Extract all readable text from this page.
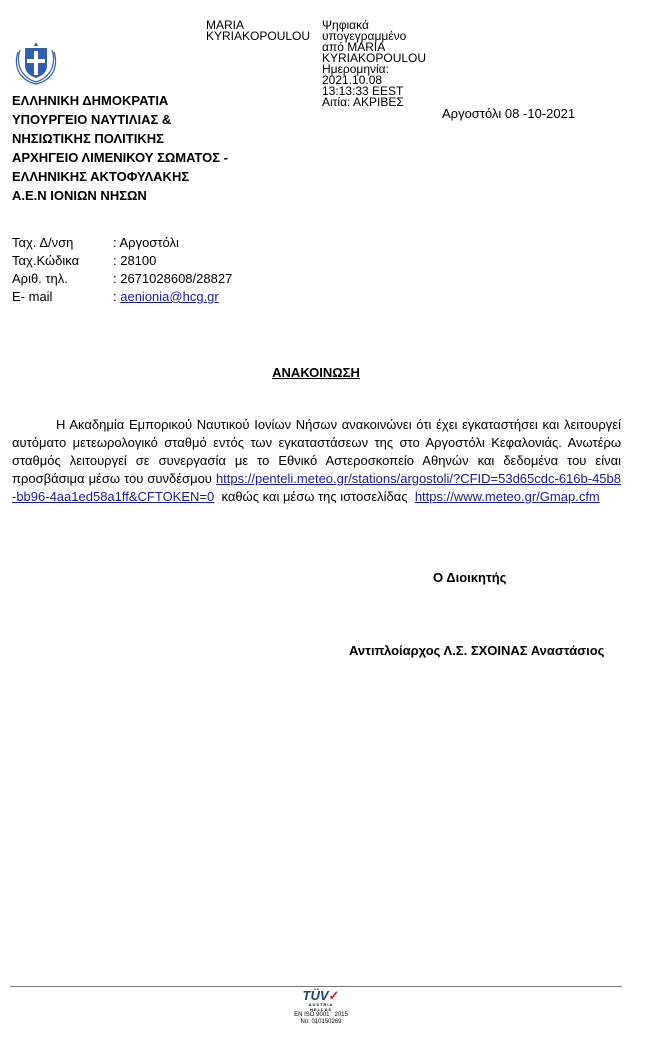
MARIA
KYRIAKOPOULOU
Ψηφιακά
υπογεγραμμένο
από MARIA
KYRIAKOPOULOU
Ημερομηνία:
2021.10.08
13:13:33 EEST
Αιτία: ΑΚΡΙΒΕΣ
Αργοστόλι 08 -10-2021
ΕΛΛΗΝΙΚΗ ΔΗΜΟΚΡΑΤΙΑ
ΥΠΟΥΡΓΕΙΟ ΝΑΥΤΙΛΙΑΣ &
ΝΗΣΙΩΤΙΚΗΣ ΠΟΛΙΤΙΚΗΣ
ΑΡΧΗΓΕΙΟ ΛΙΜΕΝΙΚΟΥ ΣΩΜΑΤΟΣ -
ΕΛΛΗΝΙΚΗΣ ΑΚΤΟΦΥΛΑΚΗΣ
Α.Ε.Ν ΙΟΝΙΩΝ ΝΗΣΩΝ
Ταχ. Δ/νση	: Αργοστόλι
Ταχ.Κώδικα	: 28100
Αριθ. τηλ.	: 2671028608/28827
E- mail	: aenionia@hcg.gr
ΑΝΑΚΟΙΝΩΣΗ
Η Ακαδημία Εμπορικού Ναυτικού Ιονίων Νήσων ανακοινώνει ότι έχει εγκαταστήσει και λειτουργεί αυτόματο μετεωρολογικό σταθμό εντός των εγκαταστάσεων της στο Αργοστόλι Κεφαλονιάς. Ανωτέρω σταθμός λειτουργεί σε συνεργασία με το Εθνικό Αστεροσκοπείο Αθηνών και δεδομένα του είναι προσβάσιμα μέσω του συνδέσμου https://penteli.meteo.gr/stations/argostoli/?CFID=53d65cdc-616b-45b8-bb96-4aa1ed58a1ff&CFTOKEN=0  καθώς και μέσω της ιστοσελίδας  https://www.meteo.gr/Gmap.cfm
Ο Διοικητής
Αντιπλοίαρχος Λ.Σ. ΣΧΟΙΝΑΣ Αναστάσιος
TÜV✓
AUSTRIA
HELLAS
EN ISO 9001 : 2015
No: 010150269
